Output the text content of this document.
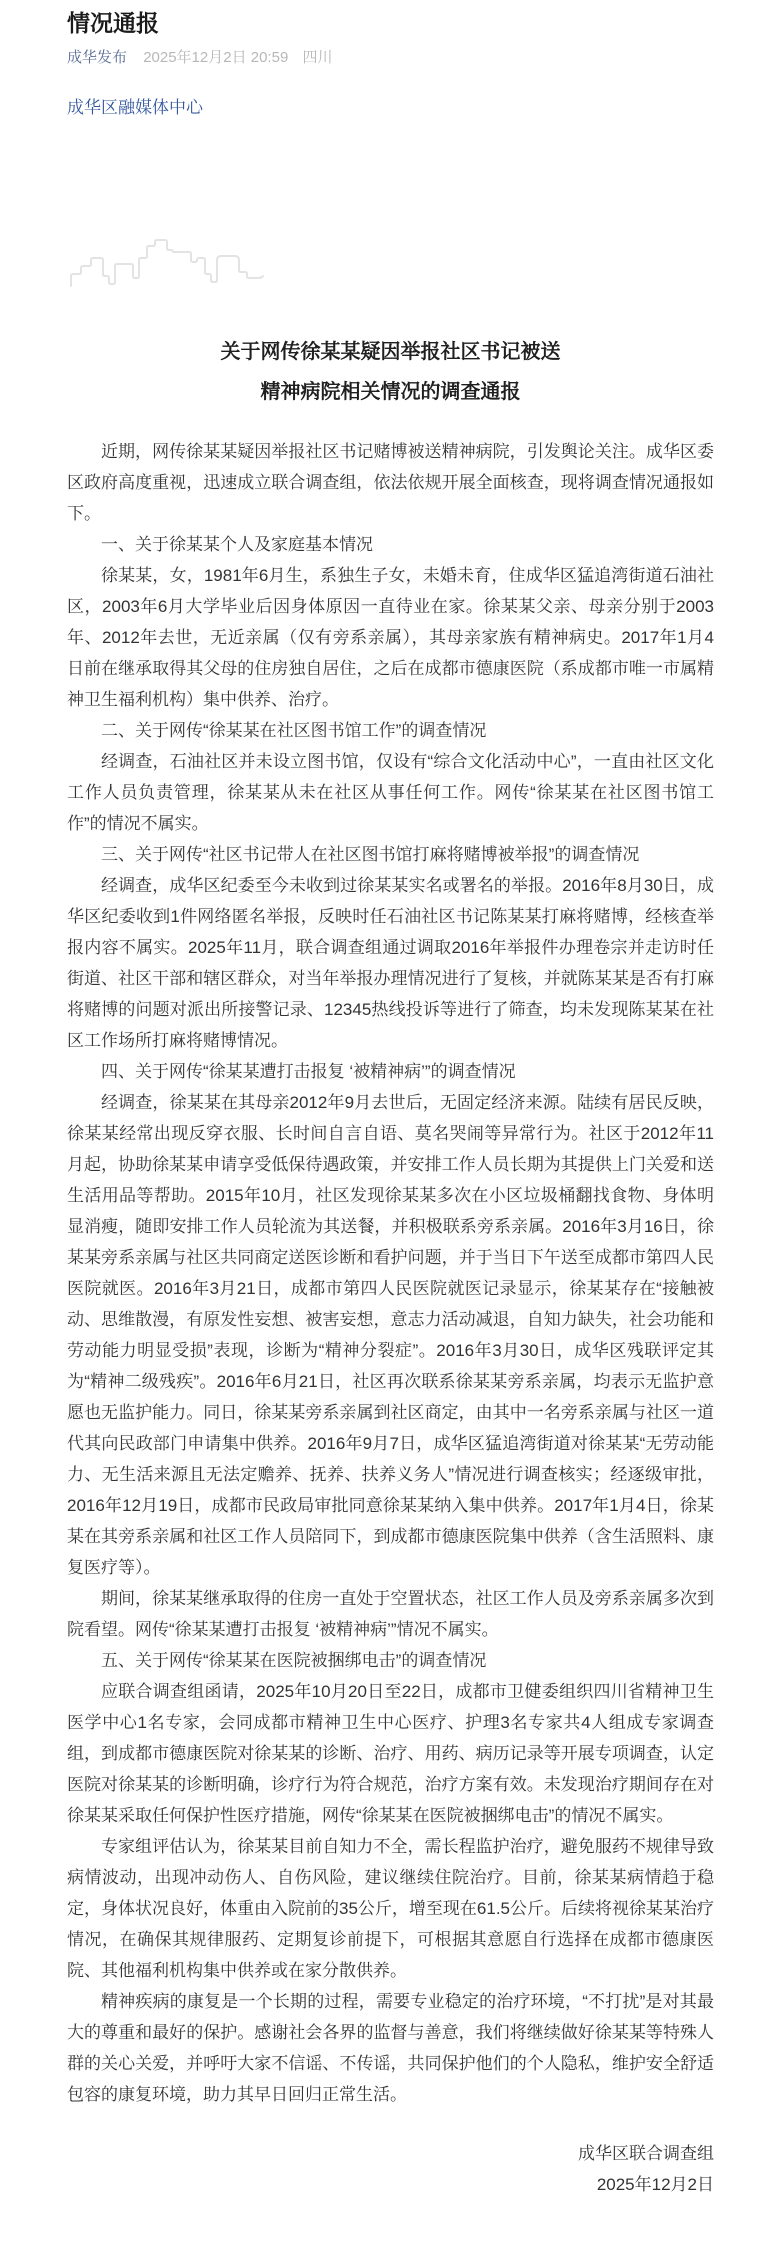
情况通报
成华发布 2025年12月2日 20:59 四川
成华区融媒体中心
关于网传徐某某疑因举报社区书记被送
精神病院相关情况的调查通报

近期，网传徐某某疑因举报社区书记赌博被送精神病院，引发舆论关注。成华区委区政府高度重视，迅速成立联合调查组，依法依规开展全面核查，现将调查情况通报如下。

一、关于徐某某个人及家庭基本情况

徐某某，女，1981年6月生，系独生子女，未婚未育，住成华区猛追湾街道石油社区，2003年6月大学毕业后因身体原因一直待业在家。徐某某父亲、母亲分别于2003年、2012年去世，无近亲属（仅有旁系亲属），其母亲家族有精神病史。2017年1月4日前在继承取得其父母的住房独自居住，之后在成都市德康医院（系成都市唯一市属精神卫生福利机构）集中供养、治疗。

二、关于网传“徐某某在社区图书馆工作”的调查情况

经调查，石油社区并未设立图书馆，仅设有“综合文化活动中心”，一直由社区文化工作人员负责管理，徐某某从未在社区从事任何工作。网传“徐某某在社区图书馆工作”的情况不属实。

三、关于网传“社区书记带人在社区图书馆打麻将赌博被举报”的调查情况

经调查，成华区纪委至今未收到过徐某某实名或署名的举报。2016年8月30日，成华区纪委收到1件网络匿名举报，反映时任石油社区书记陈某某打麻将赌博，经核查举报内容不属实。2025年11月，联合调查组通过调取2016年举报件办理卷宗并走访时任街道、社区干部和辖区群众，对当年举报办理情况进行了复核，并就陈某某是否有打麻将赌博的问题对派出所接警记录、12345热线投诉等进行了筛查，均未发现陈某某在社区工作场所打麻将赌博情况。

四、关于网传“徐某某遭打击报复 ‘被精神病’”的调查情况

经调查，徐某某在其母亲2012年9月去世后，无固定经济来源。陆续有居民反映，徐某某经常出现反穿衣服、长时间自言自语、莫名哭闹等异常行为。社区于2012年11月起，协助徐某某申请享受低保待遇政策，并安排工作人员长期为其提供上门关爱和送生活用品等帮助。2015年10月，社区发现徐某某多次在小区垃圾桶翻找食物、身体明显消瘦，随即安排工作人员轮流为其送餐，并积极联系旁系亲属。2016年3月16日，徐某某旁系亲属与社区共同商定送医诊断和看护问题，并于当日下午送至成都市第四人民医院就医。2016年3月21日，成都市第四人民医院就医记录显示，徐某某存在“接触被动、思维散漫，有原发性妄想、被害妄想，意志力活动减退，自知力缺失，社会功能和劳动能力明显受损”表现，诊断为“精神分裂症”。2016年3月30日，成华区残联评定其为“精神二级残疾”。2016年6月21日，社区再次联系徐某某旁系亲属，均表示无监护意愿也无监护能力。同日，徐某某旁系亲属到社区商定，由其中一名旁系亲属与社区一道代其向民政部门申请集中供养。2016年9月7日，成华区猛追湾街道对徐某某“无劳动能力、无生活来源且无法定赡养、抚养、扶养义务人”情况进行调查核实；经逐级审批，2016年12月19日，成都市民政局审批同意徐某某纳入集中供养。2017年1月4日，徐某某在其旁系亲属和社区工作人员陪同下，到成都市德康医院集中供养（含生活照料、康复医疗等）。

期间，徐某某继承取得的住房一直处于空置状态，社区工作人员及旁系亲属多次到院看望。网传“徐某某遭打击报复 ‘被精神病’”情况不属实。

五、关于网传“徐某某在医院被捆绑电击”的调查情况

应联合调查组函请，2025年10月20日至22日，成都市卫健委组织四川省精神卫生医学中心1名专家，会同成都市精神卫生中心医疗、护理3名专家共4人组成专家调查组，到成都市德康医院对徐某某的诊断、治疗、用药、病历记录等开展专项调查，认定医院对徐某某的诊断明确，诊疗行为符合规范，治疗方案有效。未发现治疗期间存在对徐某某采取任何保护性医疗措施，网传“徐某某在医院被捆绑电击”的情况不属实。

专家组评估认为，徐某某目前自知力不全，需长程监护治疗，避免服药不规律导致病情波动，出现冲动伤人、自伤风险，建议继续住院治疗。目前，徐某某病情趋于稳定，身体状况良好，体重由入院前的35公斤，增至现在61.5公斤。后续将视徐某某治疗情况，在确保其规律服药、定期复诊前提下，可根据其意愿自行选择在成都市德康医院、其他福利机构集中供养或在家分散供养。

精神疾病的康复是一个长期的过程，需要专业稳定的治疗环境，“不打扰”是对其最大的尊重和最好的保护。感谢社会各界的监督与善意，我们将继续做好徐某某等特殊人群的关心关爱，并呼吁大家不信谣、不传谣，共同保护他们的个人隐私，维护安全舒适包容的康复环境，助力其早日回归正常生活。

成华区联合调查组
2025年12月2日
